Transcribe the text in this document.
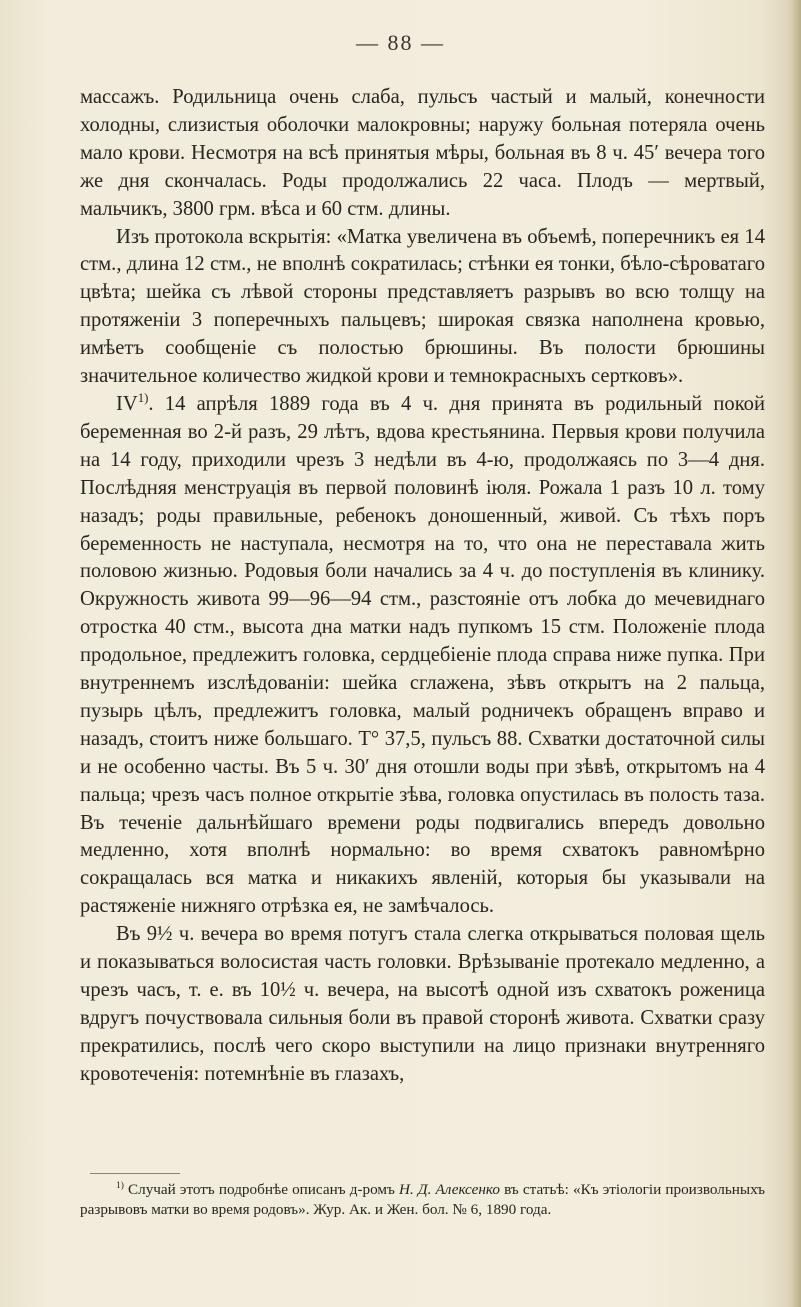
— 88 —

массажъ. Родильница очень слаба, пульсъ частый и малый, конечности холодны, слизистыя оболочки малокровны; наружу больная потеряла очень мало крови. Несмотря на всѣ принятыя мѣры, больная въ 8 ч. 45′ вечера того же дня скончалась. Роды продолжались 22 часа. Плодъ — мертвый, мальчикъ, 3800 грм. вѣса и 60 стм. длины.

Изъ протокола вскрытія: «Матка увеличена въ объемѣ, поперечникъ ея 14 стм., длина 12 стм., не вполнѣ сократилась; стѣнки ея тонки, бѣло-сѣроватаго цвѣта; шейка съ лѣвой стороны представляетъ разрывъ во всю толщу на протяженіи 3 поперечныхъ пальцевъ; широкая связка наполнена кровью, имѣетъ сообщеніе съ полостью брюшины. Въ полости брюшины значительное количество жидкой крови и темнокрасныхъ сертковъ».

IV$^{1)}$. 14 апрѣля 1889 года въ 4 ч. дня принята въ родильный покой беременная во 2-й разъ, 29 лѣтъ, вдова крестьянина. Первыя крови получила на 14 году, приходили чрезъ 3 недѣли въ 4-ю, продолжаясь по 3—4 дня. Послѣдняя менструація въ первой половинѣ іюля. Рожала 1 разъ 10 л. тому назадъ; роды правильные, ребенокъ доношенный, живой. Съ тѣхъ поръ беременность не наступала, несмотря на то, что она не переставала жить половою жизнью. Родовыя боли начались за 4 ч. до поступленія въ клинику. Окружность живота 99—96—94 стм., разстояніе отъ лобка до мечевиднаго отростка 40 стм., высота дна матки надъ пупкомъ 15 стм. Положеніе плода продольное, предлежитъ головка, сердцебіеніе плода справа ниже пупка. При внутреннемъ изслѣдованіи: шейка сглажена, зѣвъ открытъ на 2 пальца, пузырь цѣлъ, предлежитъ головка, малый родничекъ обращенъ вправо и назадъ, стоитъ ниже большаго. T° 37,5, пульсъ 88. Схватки достаточной силы и не особенно часты. Въ 5 ч. 30′ дня отошли воды при зѣвѣ, открытомъ на 4 пальца; чрезъ часъ полное открытіе зѣва, головка опустилась въ полость таза. Въ теченіе дальнѣйшаго времени роды подвигались впередъ довольно медленно, хотя вполнѣ нормально: во время схватокъ равномѣрно сокращалась вся матка и никакихъ явленій, которыя бы указывали на растяженіе нижняго отрѣзка ея, не замѣчалось.

Въ 9½ ч. вечера во время потугъ стала слегка открываться половая щель и показываться волосистая часть головки. Врѣзываніе протекало медленно, а чрезъ часъ, т. е. въ 10½ ч. вечера, на высотѣ одной изъ схватокъ роженица вдругъ почуствовала сильныя боли въ правой сторонѣ живота. Схватки сразу прекратились, послѣ чего скоро выступили на лицо признаки внутренняго кровотеченія: потемнѣніе въ глазахъ,

$^{1)}$ Случай этотъ подробнѣе описанъ д-ромъ Н. Д. Алексенко въ статьѣ: «Къ этіологіи произвольныхъ разрывовъ матки во время родовъ». Жур. Ак. и Жен. бол. № 6, 1890 года.
